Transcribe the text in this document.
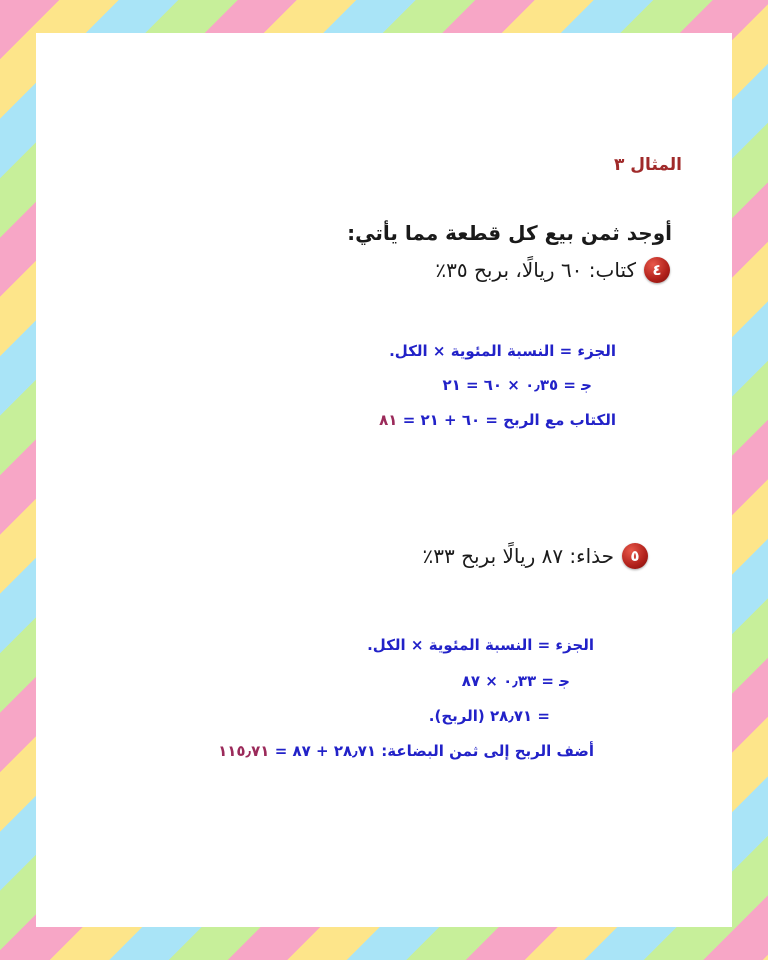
المثال ٣
أوجد ثمن بيع كل قطعة مما يأتي:
٤
كتاب: ٦٠ ريالًا، بربح ٣٥٪
الجزء = النسبة المئوية × الكل.
ﺟ = ٠٫٣٥ × ٦٠ = ٢١
الكتاب مع الربح = ٦٠ + ٢١ = ٨١
٥
حذاء: ٨٧ ريالًا بربح ٣٣٪
الجزء = النسبة المئوية × الكل.
ﺟ = ٠٫٣٣ × ٨٧
= ٢٨٫٧١ (الربح).
أضف الربح إلى ثمن البضاعة: ٢٨٫٧١ + ٨٧ = ١١٥٫٧١
